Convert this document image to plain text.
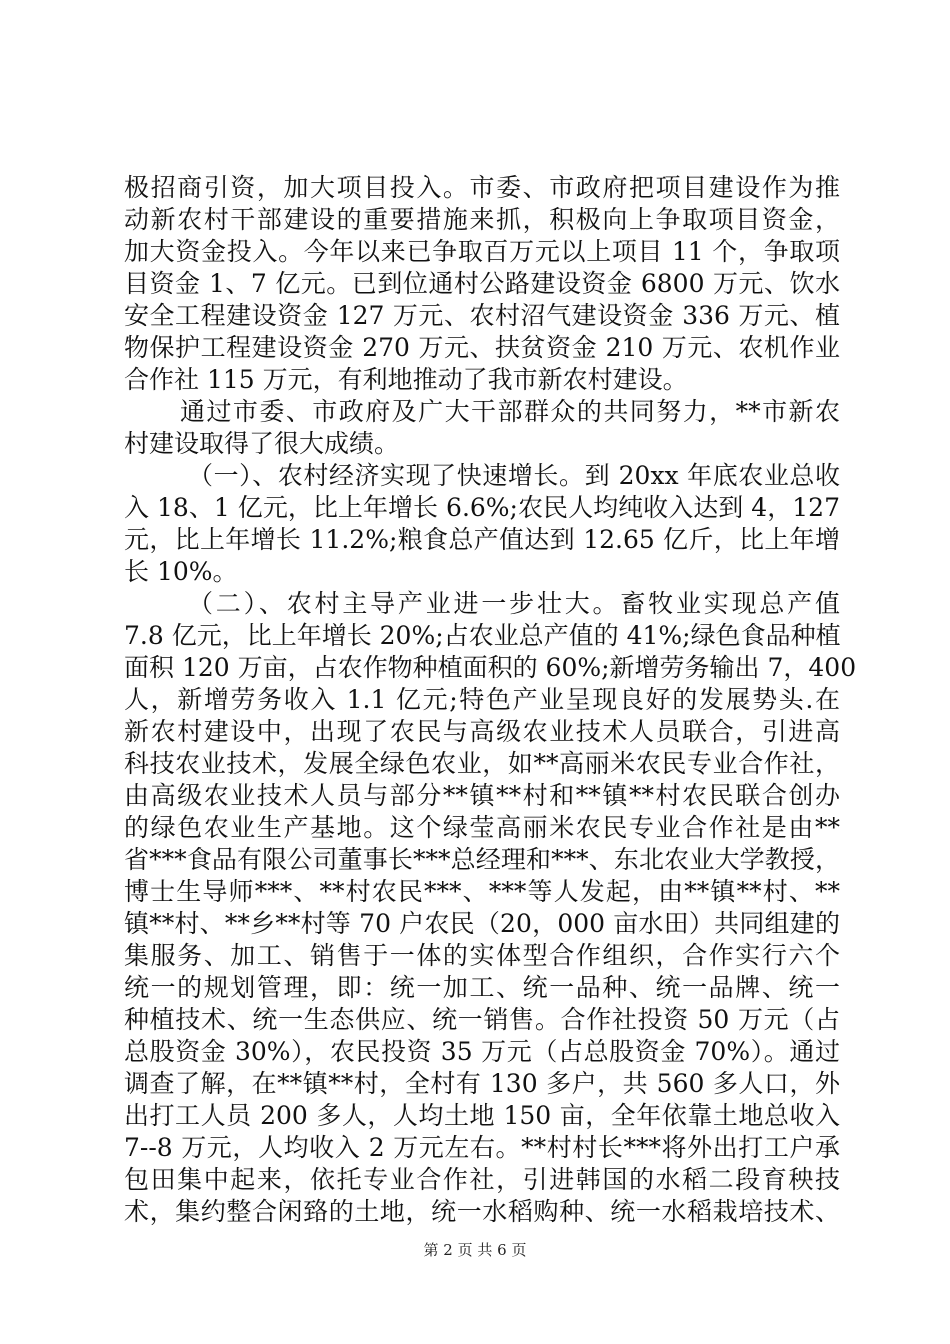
极招商引资，加大项目投入。市委、市政府把项目建设作为推
动新农村干部建设的重要措施来抓，积极向上争取项目资金，
加大资金投入。今年以来已争取百万元以上项目 11 个，争取项
目资金 1、7 亿元。已到位通村公路建设资金 6800 万元、饮水
安全工程建设资金 127 万元、农村沼气建设资金 336 万元、植
物保护工程建设资金 270 万元、扶贫资金 210 万元、农机作业
合作社 115 万元，有利地推动了我市新农村建设。
通过市委、市政府及广大干部群众的共同努力，**市新农
村建设取得了很大成绩。
（一）、农村经济实现了快速增长。到 20xx 年底农业总收
入 18、1 亿元，比上年增长 6.6%;农民人均纯收入达到 4，127
元，比上年增长 11.2%;粮食总产值达到 12.65 亿斤，比上年增
长 10%。
（二）、农村主导产业进一步壮大。畜牧业实现总产值
7.8 亿元，比上年增长 20%;占农业总产值的 41%;绿色食品种植
面积 120 万亩，占农作物种植面积的 60%;新增劳务输出 7，400
人，新增劳务收入 1.1 亿元;特色产业呈现良好的发展势头.在
新农村建设中，出现了农民与高级农业技术人员联合，引进高
科技农业技术，发展全绿色农业，如**高丽米农民专业合作社，
由高级农业技术人员与部分**镇**村和**镇**村农民联合创办
的绿色农业生产基地。这个绿莹高丽米农民专业合作社是由**
省***食品有限公司董事长***总经理和***、东北农业大学教授，
博士生导师***、**村农民***、***等人发起，由**镇**村、**
镇**村、**乡**村等 70 户农民（20，000 亩水田）共同组建的
集服务、加工、销售于一体的实体型合作组织，合作实行六个
统一的规划管理，即：统一加工、统一品种、统一品牌、统一
种植技术、统一生态供应、统一销售。合作社投资 50 万元（占
总股资金 30%），农民投资 35 万元（占总股资金 70%）。通过
调查了解，在**镇**村，全村有 130 多户，共 560 多人口，外
出打工人员 200 多人，人均土地 150 亩，全年依靠土地总收入
7--8 万元，人均收入 2 万元左右。**村村长***将外出打工户承
包田集中起来，依托专业合作社，引进韩国的水稻二段育秧技
术，集约整合闲臵的土地，统一水稻购种、统一水稻栽培技术、
第 2 页 共 6 页
